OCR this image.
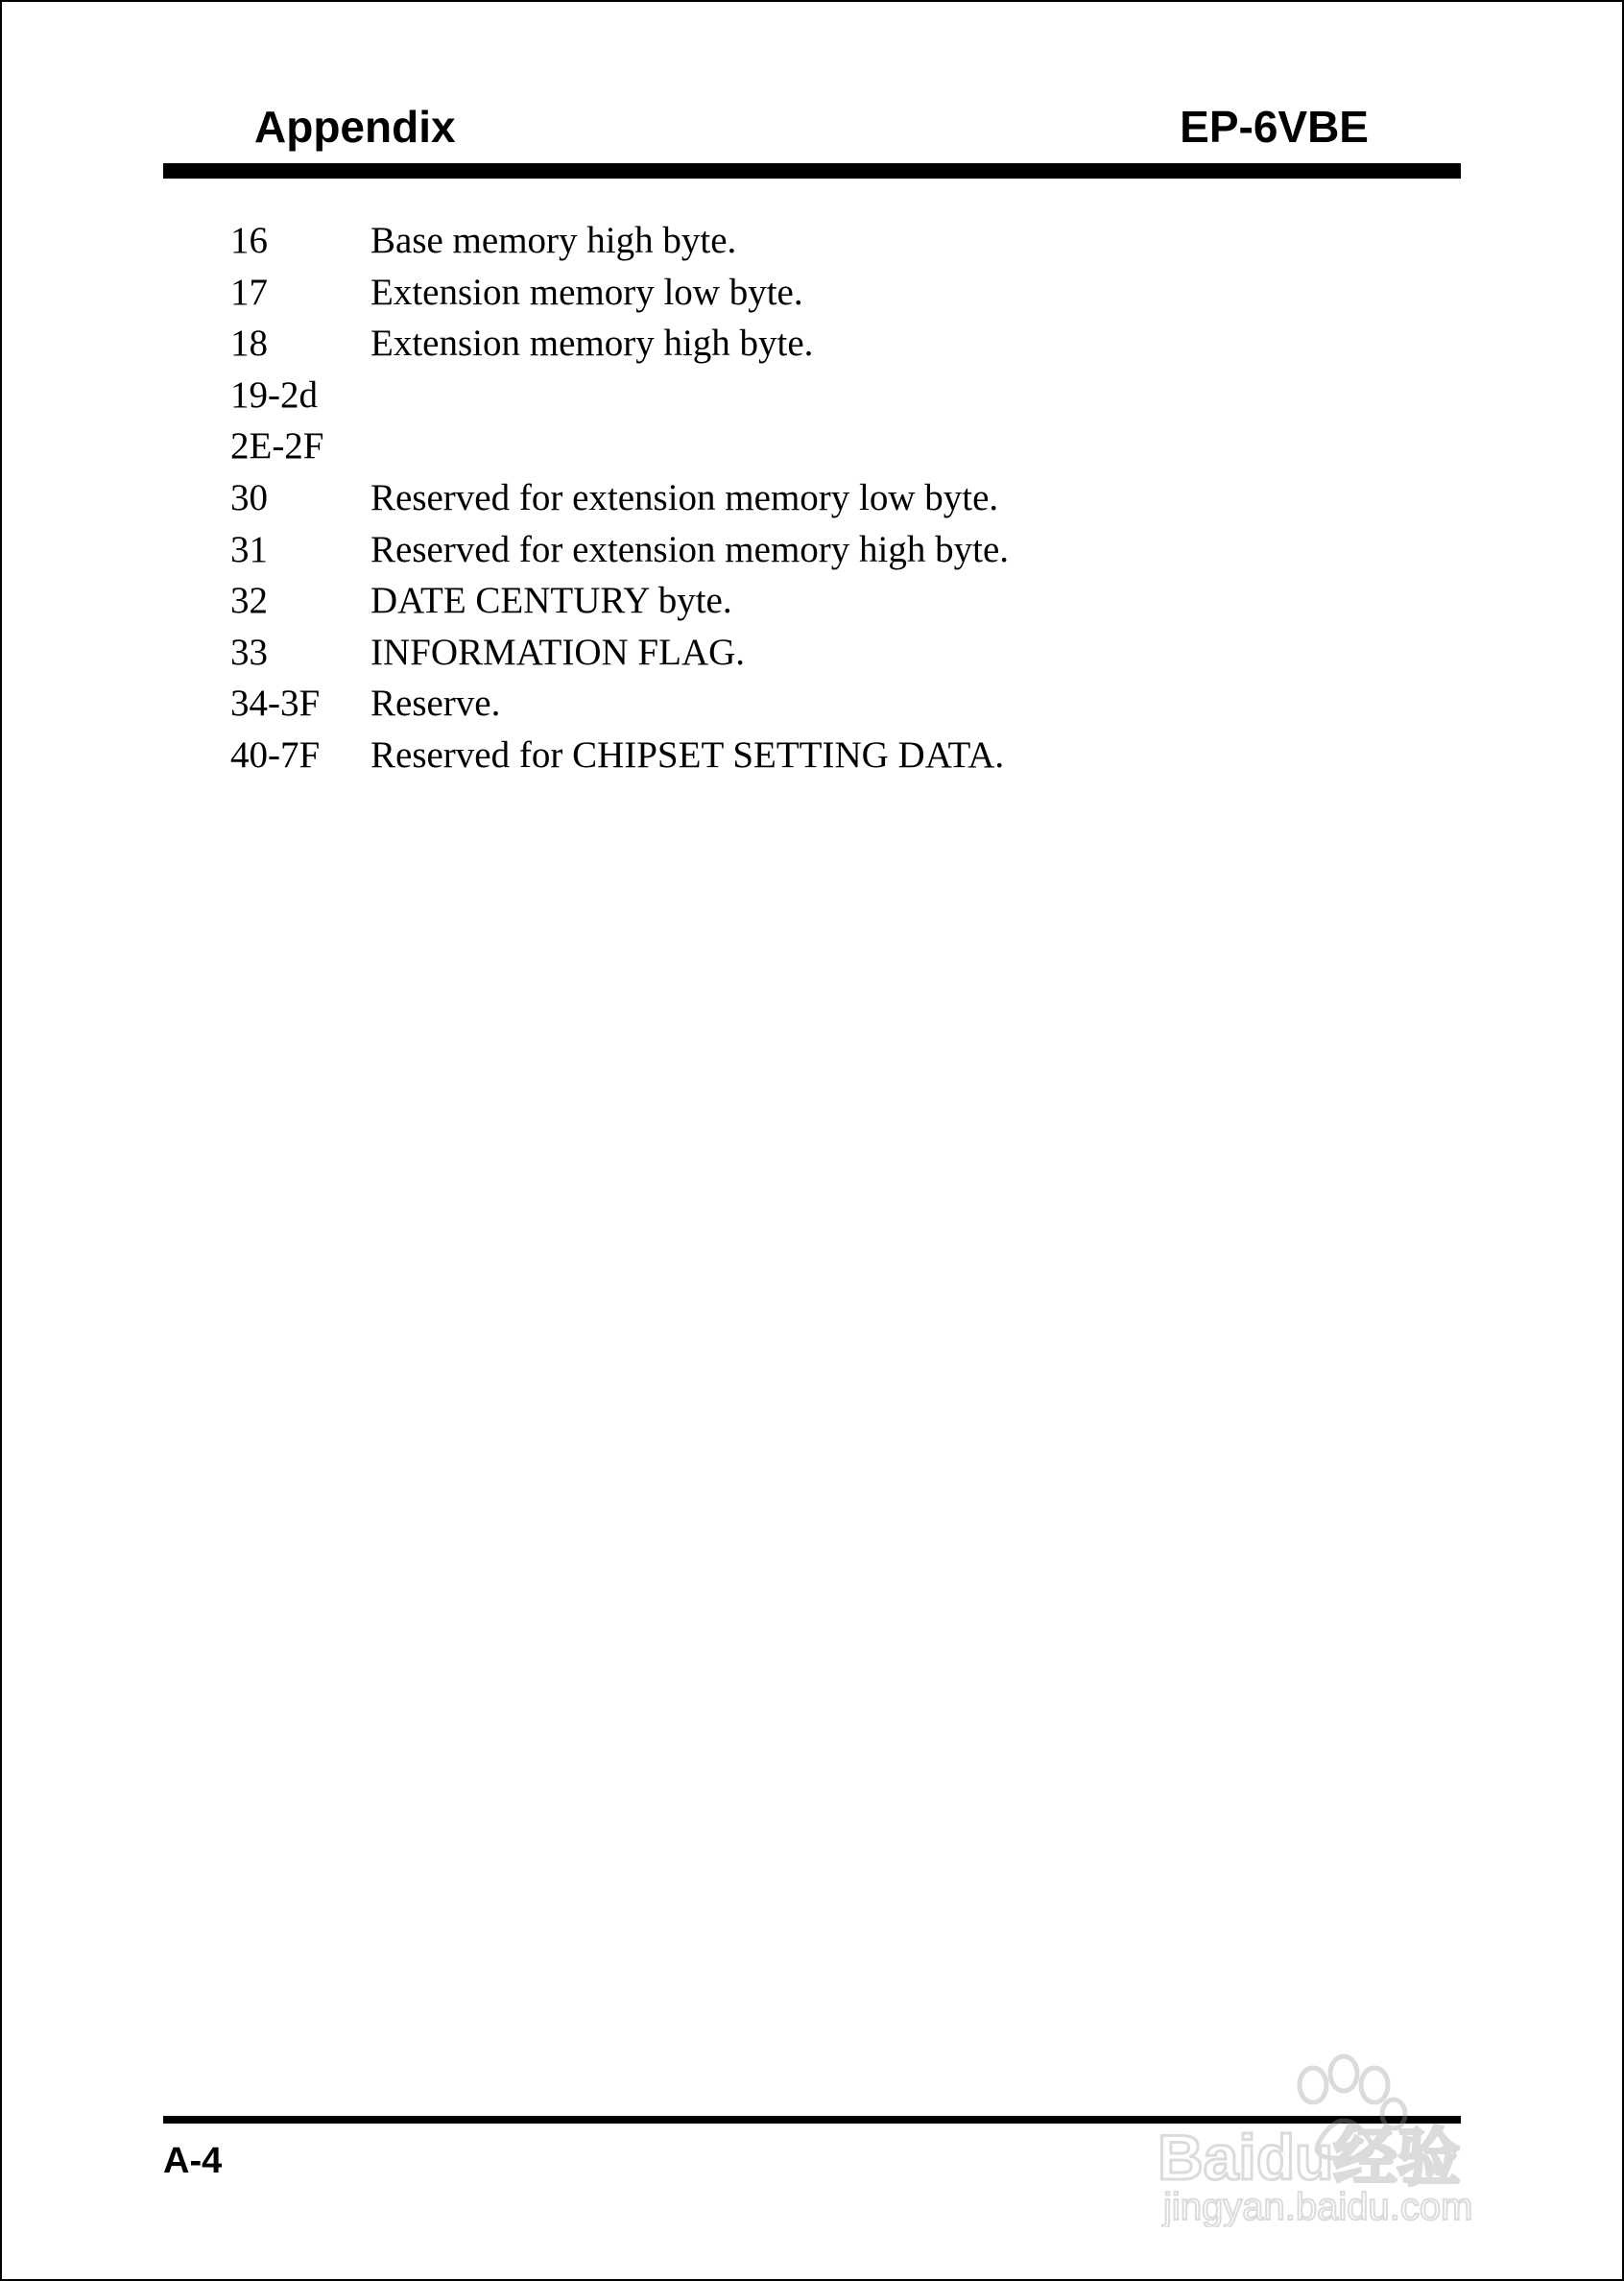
Appendix	EP-6VBE
16	Base memory high byte.
17	Extension memory low byte.
18	Extension memory high byte.
19-2d
2E-2F
30	Reserved for extension memory low byte.
31	Reserved for extension memory high byte.
32	DATE CENTURY byte.
33	INFORMATION FLAG.
34-3F	Reserve.
40-7F	Reserved for CHIPSET SETTING DATA.
A-4	Baidu经验
jingyan.baidu.com
